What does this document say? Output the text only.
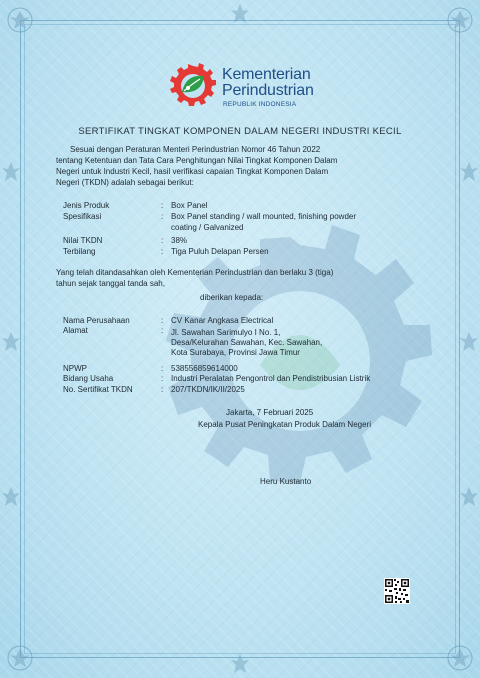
Kementerian
Perindustrian
REPUBLIK INDONESIA
SERTIFIKAT TINGKAT KOMPONEN DALAM NEGERI INDUSTRI KECIL
Sesuai dengan Peraturan Menteri Perindustrian Nomor 46 Tahun 2022
tentang Ketentuan dan Tata Cara Penghitungan Nilai Tingkat Komponen Dalam
Negeri untuk Industri Kecil, hasil verifikasi capaian Tingkat Komponen Dalam
Negeri (TKDN) adalah sebagai berikut:
Jenis Produk	: Box Panel
Spesifikasi	: Box Panel standing / wall mounted, finishing powder
coating / Galvanized
Nilai TKDN	: 38%
Terbilang	: Tiga Puluh Delapan Persen
Yang telah ditandasahkan oleh Kementerian Perindustrian dan berlaku 3 (tiga)
tahun sejak tanggal tanda sah,
diberikan kepada:
Nama Perusahaan	: CV Kanar Angkasa Electrical
Alamat	: Jl. Sawahan Sarimulyo I No. 1,
Desa/Kelurahan Sawahan, Kec. Sawahan,
Kota Surabaya, Provinsi Jawa Timur
NPWP	: 538556859614000
Bidang Usaha	: Industri Peralatan Pengontrol dan Pendistribusian Listrik
No. Sertifikat TKDN	: 207/TKDN/IK/II/2025
Jakarta, 7 Februari 2025
Kepala Pusat Peningkatan Produk Dalam Negeri
Heru Kustanto
